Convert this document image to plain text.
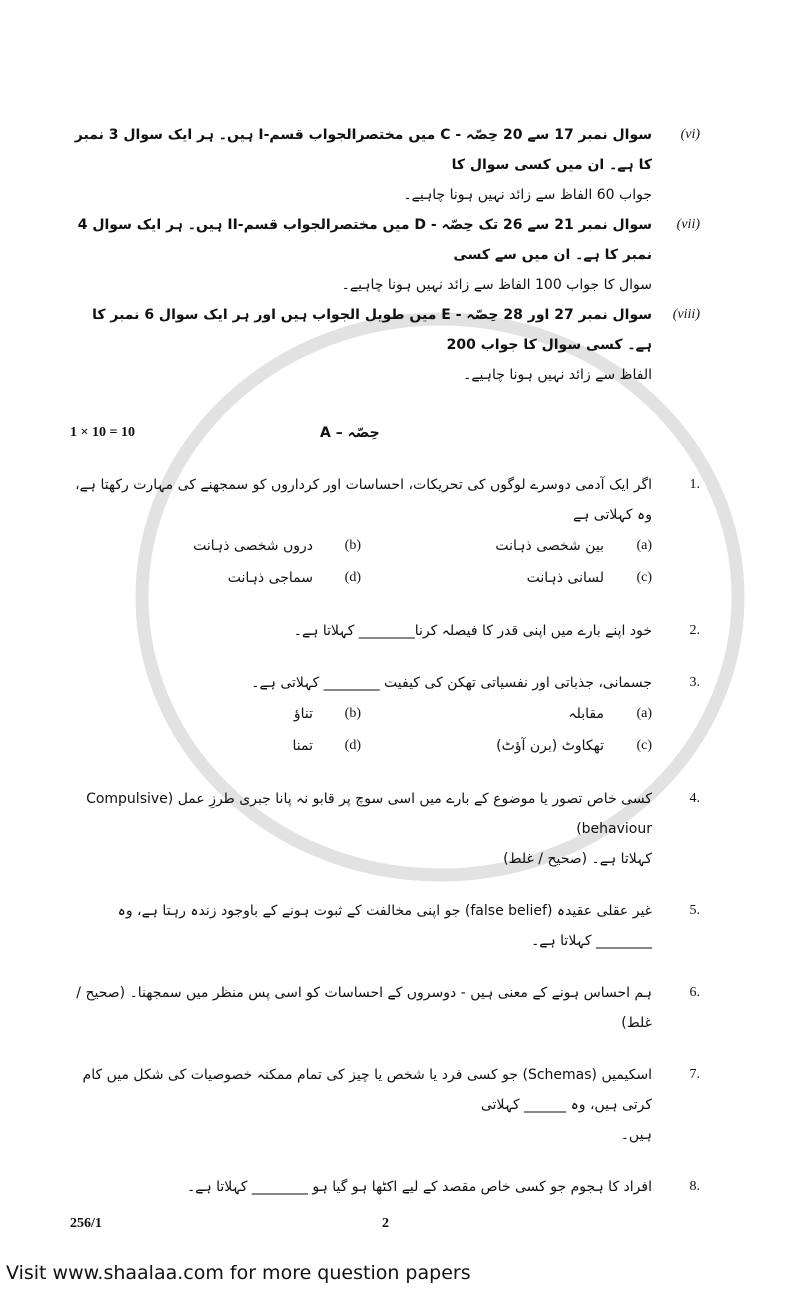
(vi)
سوال نمبر 17 سے 20 حِصّہ - C میں مختصرالجواب قسم-I ہیں۔ ہر ایک سوال 3 نمبر کا ہے۔ ان میں کسی سوال کا
جواب 60 الفاظ سے زائد نہیں ہونا چاہیے۔
(vii)
سوال نمبر 21 سے 26 تک حِصّہ - D میں مختصرالجواب قسم-II ہیں۔ ہر ایک سوال 4 نمبر کا ہے۔ ان میں سے کسی
سوال کا جواب 100 الفاظ سے زائد نہیں ہونا چاہیے۔
(viii)
سوال نمبر 27 اور 28 حِصّہ - E میں طویل الجواب ہیں اور ہر ایک سوال 6 نمبر کا ہے۔ کسی سوال کا جواب 200
الفاظ سے زائد نہیں ہونا چاہیے۔
1 × 10 = 10	حِصّہ – A
1.
اگر ایک آدمی دوسرے لوگوں کی تحریکات، احساسات اور کرداروں کو سمجھنے کی مہارت رکھتا ہے، وہ کہلاتی ہے
(a)
بین شخصی ذہانت
(b)
دروں شخصی ذہانت
(c)
لسانی ذہانت
(d)
سماجی ذہانت
2.
خود اپنے بارے میں اپنی قدر کا فیصلہ کرنا________ کہلاتا ہے۔
3.
جسمانی، جذباتی اور نفسیاتی تھکن کی کیفیت ________ کہلاتی ہے۔
(a)
مقابلہ
(b)
تناؤ
(c)
تھکاوٹ (برن آؤٹ)
(d)
تمنا
4.
کسی خاص تصور یا موضوع کے بارے میں اسی سوچ پر قابو نہ پانا جبری طرزِ عمل (Compulsive behaviour)
کہلاتا ہے۔ (صحیح / غلط)
5.
غیر عقلی عقیدہ (false belief) جو اپنی مخالفت کے ثبوت ہونے کے باوجود زندہ رہتا ہے، وہ ________ کہلاتا ہے۔
6.
ہم احساس ہونے کے معنی ہیں - دوسروں کے احساسات کو اسی پس منظر میں سمجھنا۔ (صحیح / غلط)
7.
اسکیمیں (Schemas) جو کسی فرد یا شخص یا چیز کی تمام ممکنہ خصوصیات کی شکل میں کام کرتی ہیں، وہ ______ کہلاتی
ہیں۔
8.
افراد کا ہجوم جو کسی خاص مقصد کے لیے اکٹھا ہو گیا ہو ________ کہلاتا ہے۔
256/1	2
Visit www.shaalaa.com for more question papers
